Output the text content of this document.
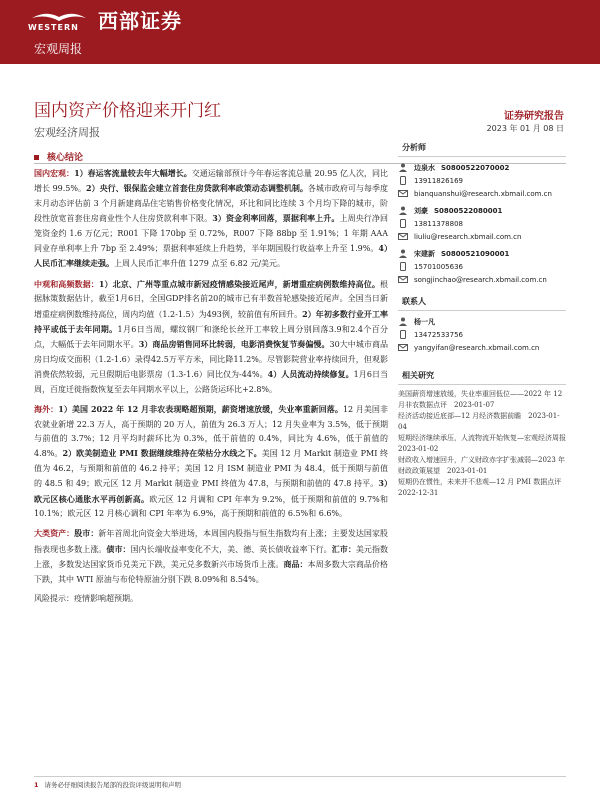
WESTERN 西部证券
宏观周报
国内资产价格迎来开门红
宏观经济周报
证券研究报告
2023 年 01 月 08 日
核心结论
国内宏观：1）春运客流量较去年大幅增长。交通运输部预计今年春运客流总量 20.95 亿人次，同比增长 99.5%。2）央行、银保监会建立首套住房贷款利率政策动态调整机制。各城市政府可与每季度末月动态评估前 3 个月新建商品住宅销售价格变化情况，环比和同比连续 3 个月均下降的城市，阶段性放宽首套住房商业性个人住房贷款利率下限。3）资金利率回落，票据利率上升。上周央行净回笼资金约 1.6 万亿元；R001 下降 170bp 至 0.72%，R007 下降 88bp 至 1.91%；1 年期 AAA 同业存单利率上升 7bp 至 2.49%；票据利率延续上升趋势，半年期国股行收益率上升至 1.9%。4）人民币汇率继续走强。上周人民币汇率升值 1279 点至 6.82 元/美元。
中观和高频数据：1）北京、广州等重点城市新冠疫情感染接近尾声，新增重症病例数维持高位。根据脉策数据估计，截至1月6日，全国GDP排名前20的城市已有半数首轮感染接近尾声。全国当日新增重症病例数维持高位，周内均值（1.2-1.5）为493例，较前值有所回升。2）年初多数行业开工率持平或低于去年同期。1月6日当周，螺纹钢厂和涤纶长丝开工率较上周分别回落3.9和2.4个百分点，大幅低于去年同期水平。3）商品房销售同环比转弱，电影消费恢复节奏偏慢。30大中城市商品房日均成交面积（1.2-1.6）录得42.5万平方米，同比降11.2%。尽管影院营业率持续回升，但观影消费依然较弱，元旦假期后电影票房（1.3-1.6）同比仅为-44%。4）人员流动持续修复。1月6日当周，百度迁徙指数恢复至去年同期水平以上，公路货运环比+2.8%。
海外：1）美国 2022 年 12 月非农表现略超预期，薪资增速放缓，失业率重新回落。12 月美国非农就业新增 22.3 万人，高于预期的 20 万人，前值为 26.3 万人；12 月失业率为 3.5%，低于预期与前值的 3.7%；12 月平均时薪环比为 0.3%，低于前值的 0.4%，同比为 4.6%，低于前值的 4.8%。2）欧美制造业 PMI 数据继续维持在荣枯分水线之下。美国 12 月 Markit 制造业 PMI 终值为 46.2，与预期和前值的 46.2 持平；美国 12 月 ISM 制造业 PMI 为 48.4，低于预期与前值的 48.5 和 49；欧元区 12 月 Markit 制造业 PMI 终值为 47.8，与预期和前值的 47.8 持平。3）欧元区核心通胀水平再创新高。欧元区 12 月调和 CPI 年率为 9.2%，低于预期和前值的 9.7%和 10.1%；欧元区 12 月核心调和 CPI 年率为 6.9%，高于预期和前值的 6.5%和 6.6%。
大类资产：股市：新年首周北向资金大举进场，本周国内股指与恒生指数均有上涨；主要发达国家股指表现也多数上涨。债市：国内长端收益率变化不大，美、德、英长债收益率下行。汇市：美元指数上涨，多数发达国家货币兑美元下跌，美元兑多数新兴市场货币上涨。商品：本周多数大宗商品价格下跌，其中 WTI 原油与布伦特原油分别下跌 8.09%和 8.54%。
风险提示：疫情影响超预期。
分析师
边泉水 S0800522070002
13911826169
bianquanshui@research.xbmail.com.cn
刘豪 S0800522080001
13811378808
liuliu@research.xbmail.com.cn
宋建新 S0800521090001
15701005636
songjinchao@research.xbmail.com.cn
联系人
杨一凡
13472533756
yangyifan@research.xbmail.com.cn
相关研究
美国薪资增速放缓，失业率重回低位——2022 年 12 月非农数据点评　2023-01-07
经济活动接近底部—12 月经济数据前瞻　2023-01-04
短期经济继续承压，人流物流开始恢复—宏观经济周报　2023-01-02
财政收入增速回升，广义财政赤字扩张减弱—2023 年财政政策展望　2023-01-01
短期仍在惯性，未来并不悲观—12 月 PMI 数据点评　2022-12-31
1 请务必仔细阅读报告尾部的投资评级说明和声明
